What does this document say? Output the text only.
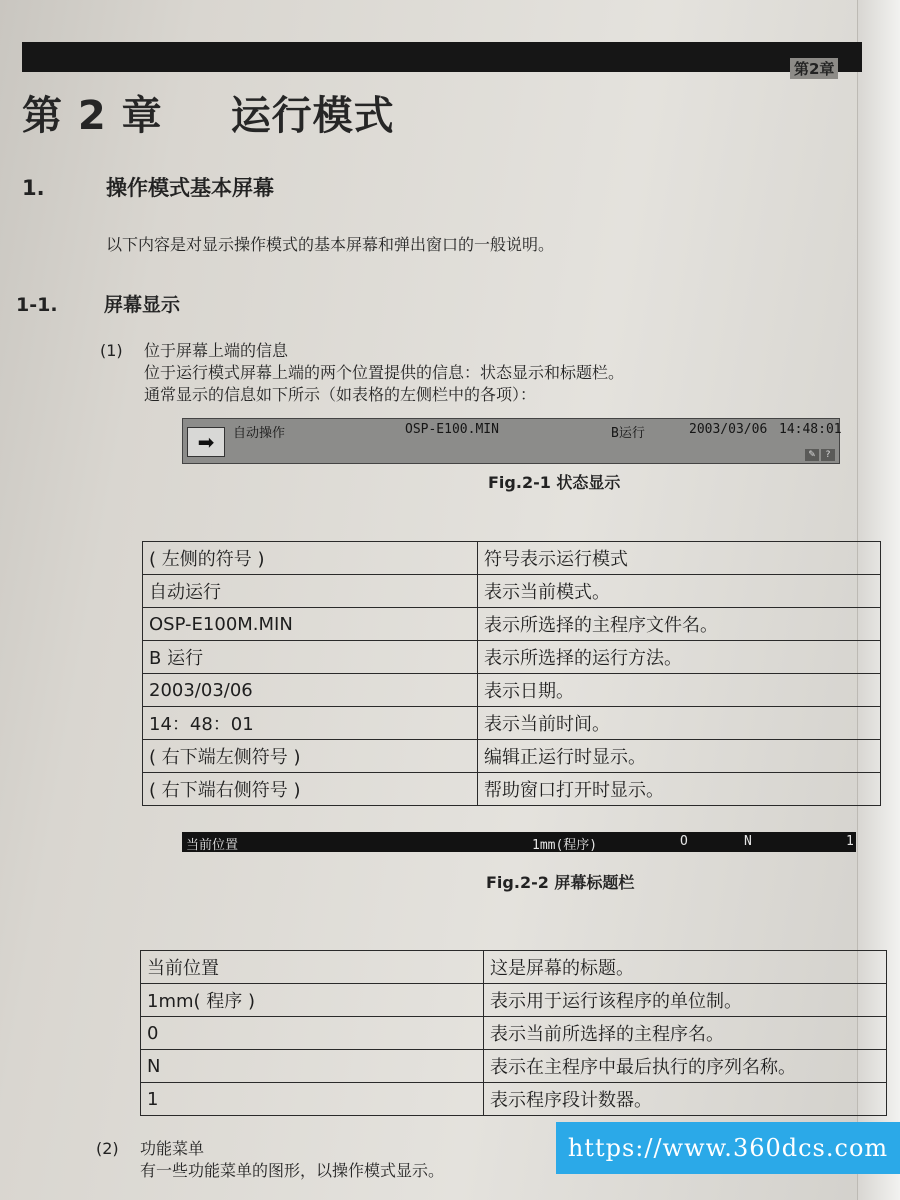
第2章
第 2 章 运行模式
1.	操作模式基本屏幕
以下内容是对显示操作模式的基本屏幕和弹出窗口的一般说明。
1-1. 屏幕显示
(1) 位于屏幕上端的信息
位于运行模式屏幕上端的两个位置提供的信息：状态显示和标题栏。
通常显示的信息如下所示（如表格的左侧栏中的各项）：
➡	自动操作	OSP-E100.MIN	B运行	2003/03/06 14:48:01
✎	?
Fig.2-1 状态显示
( 左侧的符号 )	符号表示运行模式
自动运行	表示当前模式。
OSP-E100M.MIN	表示所选择的主程序文件名。
B 运行	表示所选择的运行方法。
2003/03/06	表示日期。
14：48：01	表示当前时间。
( 右下端左侧符号 )	编辑正运行时显示。
( 右下端右侧符号 )	帮助窗口打开时显示。
当前位置	1mm(程序)	O	N	1
Fig.2-2 屏幕标题栏
当前位置	这是屏幕的标题。
1mm( 程序 )	表示用于运行该程序的单位制。
0	表示当前所选择的主程序名。
N	表示在主程序中最后执行的序列名称。
1	表示程序段计数器。
(2) 功能菜单
有一些功能菜单的图形，以操作模式显示。
https://www.360dcs.com
